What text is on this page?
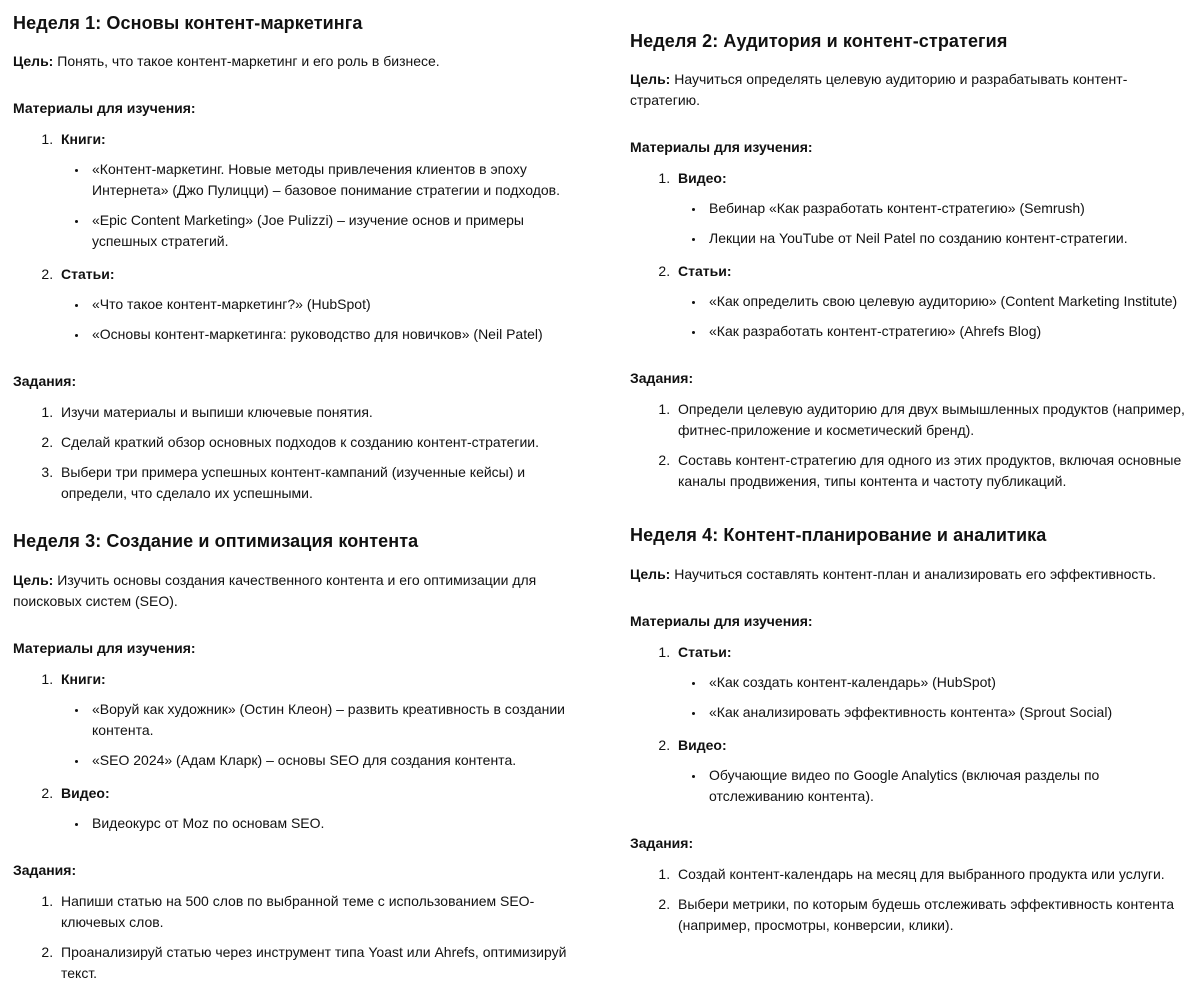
Неделя 1: Основы контент-маркетинга

Цель: Понять, что такое контент-маркетинг и его роль в бизнесе.

Материалы для изучения:

1. Книги:
• «Контент-маркетинг. Новые методы привлечения клиентов в эпоху Интернета» (Джо Пулицци) – базовое понимание стратегии и подходов.
• «Epic Content Marketing» (Joe Pulizzi) – изучение основ и примеры успешных стратегий.
2. Статьи:
• «Что такое контент-маркетинг?» (HubSpot)
• «Основы контент-маркетинга: руководство для новичков» (Neil Patel)

Задания:

1. Изучи материалы и выпиши ключевые понятия.
2. Сделай краткий обзор основных подходов к созданию контент-стратегии.
3. Выбери три примера успешных контент-кампаний (изученные кейсы) и определи, что сделало их успешными.
Неделя 3: Создание и оптимизация контента

Цель: Изучить основы создания качественного контента и его оптимизации для поисковых систем (SEO).

Материалы для изучения:

1. Книги:
• «Воруй как художник» (Остин Клеон) – развить креативность в создании контента.
• «SEO 2024» (Адам Кларк) – основы SEO для создания контента.
2. Видео:
• Видеокурс от Moz по основам SEO.

Задания:

1. Напиши статью на 500 слов по выбранной теме с использованием SEO-ключевых слов.
2. Проанализируй статью через инструмент типа Yoast или Ahrefs, оптимизируй текст.
Неделя 2: Аудитория и контент-стратегия

Цель: Научиться определять целевую аудиторию и разрабатывать контент-стратегию.

Материалы для изучения:

1. Видео:
• Вебинар «Как разработать контент-стратегию» (Semrush)
• Лекции на YouTube от Neil Patel по созданию контент-стратегии.
2. Статьи:
• «Как определить свою целевую аудиторию» (Content Marketing Institute)
• «Как разработать контент-стратегию» (Ahrefs Blog)

Задания:

1. Определи целевую аудиторию для двух вымышленных продуктов (например, фитнес-приложение и косметический бренд).
2. Составь контент-стратегию для одного из этих продуктов, включая основные каналы продвижения, типы контента и частоту публикаций.
Неделя 4: Контент-планирование и аналитика

Цель: Научиться составлять контент-план и анализировать его эффективность.

Материалы для изучения:

1. Статьи:
• «Как создать контент-календарь» (HubSpot)
• «Как анализировать эффективность контента» (Sprout Social)
2. Видео:
• Обучающие видео по Google Analytics (включая разделы по отслеживанию контента).

Задания:

1. Создай контент-календарь на месяц для выбранного продукта или услуги.
2. Выбери метрики, по которым будешь отслеживать эффективность контента (например, просмотры, конверсии, клики).
